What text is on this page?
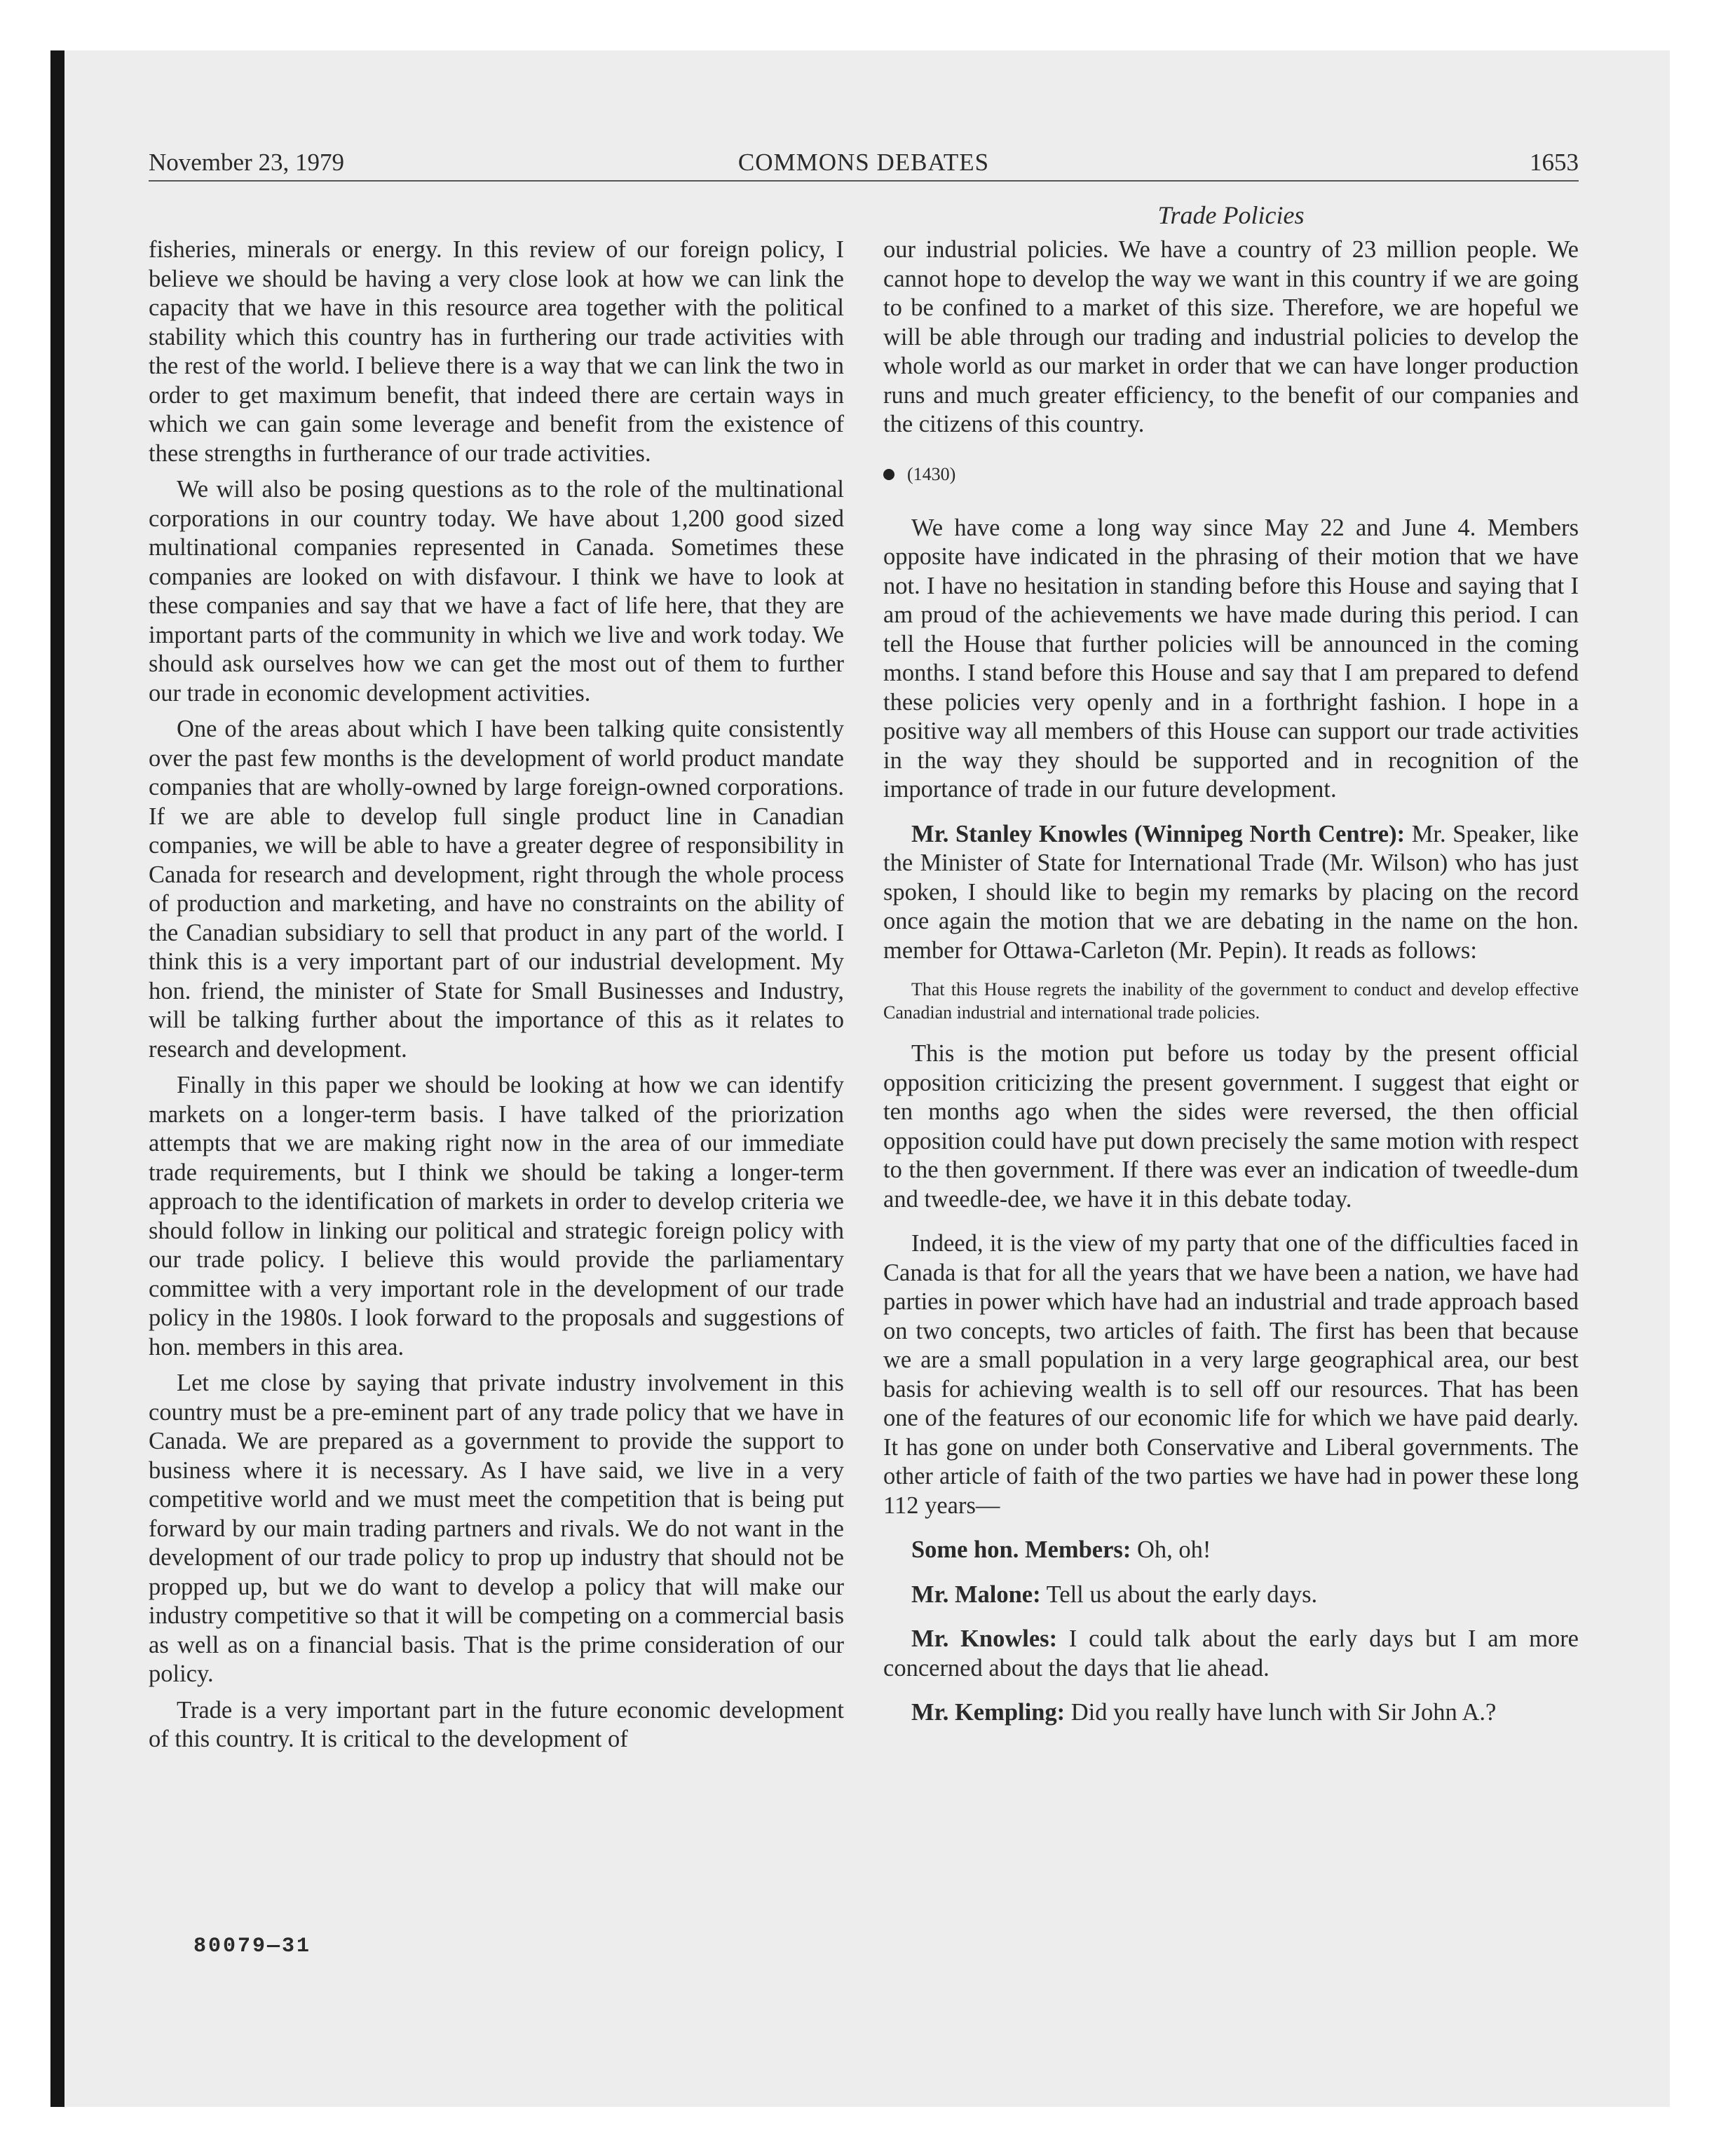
November 23, 1979	COMMONS DEBATES	1653
Trade Policies

fisheries, minerals or energy. In this review of our foreign policy, I believe we should be having a very close look at how we can link the capacity that we have in this resource area together with the political stability which this country has in furthering our trade activities with the rest of the world. I believe there is a way that we can link the two in order to get maximum benefit, that indeed there are certain ways in which we can gain some leverage and benefit from the existence of these strengths in furtherance of our trade activities.

We will also be posing questions as to the role of the multinational corporations in our country today. We have about 1,200 good sized multinational companies represented in Canada. Sometimes these companies are looked on with disfavour. I think we have to look at these companies and say that we have a fact of life here, that they are important parts of the community in which we live and work today. We should ask ourselves how we can get the most out of them to further our trade in economic development activities.

One of the areas about which I have been talking quite consistently over the past few months is the development of world product mandate companies that are wholly-owned by large foreign-owned corporations. If we are able to develop full single product line in Canadian companies, we will be able to have a greater degree of responsibility in Canada for research and development, right through the whole process of production and marketing, and have no constraints on the ability of the Canadian subsidiary to sell that product in any part of the world. I think this is a very important part of our industrial development. My hon. friend, the minister of State for Small Businesses and Industry, will be talking further about the importance of this as it relates to research and development.

Finally in this paper we should be looking at how we can identify markets on a longer-term basis. I have talked of the priorization attempts that we are making right now in the area of our immediate trade requirements, but I think we should be taking a longer-term approach to the identification of markets in order to develop criteria we should follow in linking our political and strategic foreign policy with our trade policy. I believe this would provide the parliamentary committee with a very important role in the development of our trade policy in the 1980s. I look forward to the proposals and suggestions of hon. members in this area.

Let me close by saying that private industry involvement in this country must be a pre-eminent part of any trade policy that we have in Canada. We are prepared as a government to provide the support to business where it is necessary. As I have said, we live in a very competitive world and we must meet the competition that is being put forward by our main trading partners and rivals. We do not want in the development of our trade policy to prop up industry that should not be propped up, but we do want to develop a policy that will make our industry competitive so that it will be competing on a commercial basis as well as on a financial basis. That is the prime consideration of our policy.

Trade is a very important part in the future economic development of this country. It is critical to the development of

our industrial policies. We have a country of 23 million people. We cannot hope to develop the way we want in this country if we are going to be confined to a market of this size. Therefore, we are hopeful we will be able through our trading and industrial policies to develop the whole world as our market in order that we can have longer production runs and much greater efficiency, to the benefit of our companies and the citizens of this country.

(1430)

We have come a long way since May 22 and June 4. Members opposite have indicated in the phrasing of their motion that we have not. I have no hesitation in standing before this House and saying that I am proud of the achievements we have made during this period. I can tell the House that further policies will be announced in the coming months. I stand before this House and say that I am prepared to defend these policies very openly and in a forthright fashion. I hope in a positive way all members of this House can support our trade activities in the way they should be supported and in recognition of the importance of trade in our future development.

Mr. Stanley Knowles (Winnipeg North Centre): Mr. Speaker, like the Minister of State for International Trade (Mr. Wilson) who has just spoken, I should like to begin my remarks by placing on the record once again the motion that we are debating in the name on the hon. member for Ottawa-Carleton (Mr. Pepin). It reads as follows:

That this House regrets the inability of the government to conduct and develop effective Canadian industrial and international trade policies.

This is the motion put before us today by the present official opposition criticizing the present government. I suggest that eight or ten months ago when the sides were reversed, the then official opposition could have put down precisely the same motion with respect to the then government. If there was ever an indication of tweedle-dum and tweedle-dee, we have it in this debate today.

Indeed, it is the view of my party that one of the difficulties faced in Canada is that for all the years that we have been a nation, we have had parties in power which have had an industrial and trade approach based on two concepts, two articles of faith. The first has been that because we are a small population in a very large geographical area, our best basis for achieving wealth is to sell off our resources. That has been one of the features of our economic life for which we have paid dearly. It has gone on under both Conservative and Liberal governments. The other article of faith of the two parties we have had in power these long 112 years—

Some hon. Members: Oh, oh!

Mr. Malone: Tell us about the early days.

Mr. Knowles: I could talk about the early days but I am more concerned about the days that lie ahead.

Mr. Kempling: Did you really have lunch with Sir John A.?

80079—31
